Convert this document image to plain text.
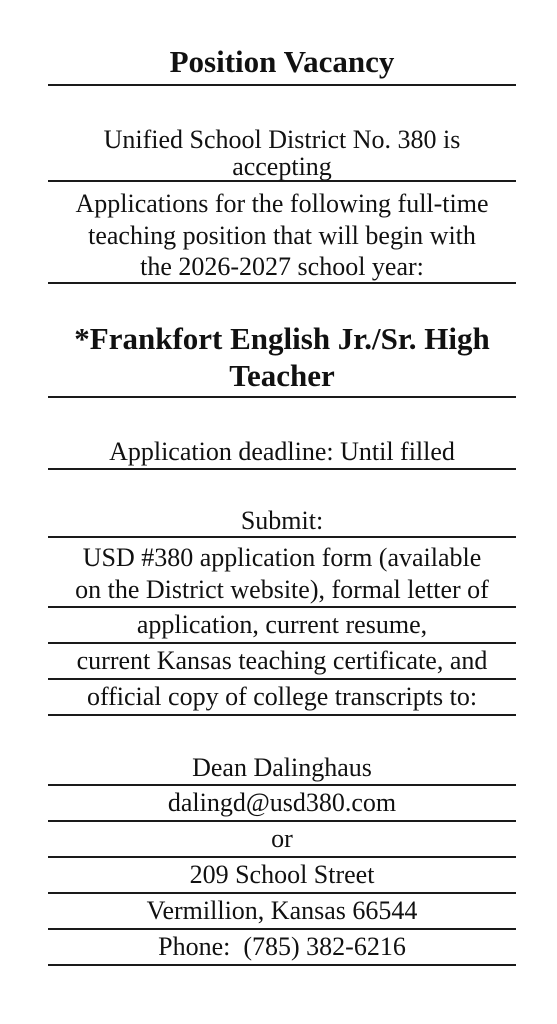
Position Vacancy
Unified School District No. 380 is
accepting
Applications for the following full-time
teaching position that will begin with
the 2026-2027 school year:
*Frankfort English Jr./Sr. High
Teacher
Application deadline: Until filled
Submit:
USD #380 application form (available
on the District website), formal letter of
application, current resume,
current Kansas teaching certificate, and
official copy of college transcripts to:
Dean Dalinghaus
dalingd@usd380.com
or
209 School Street
Vermillion, Kansas 66544
Phone:  (785) 382-6216
